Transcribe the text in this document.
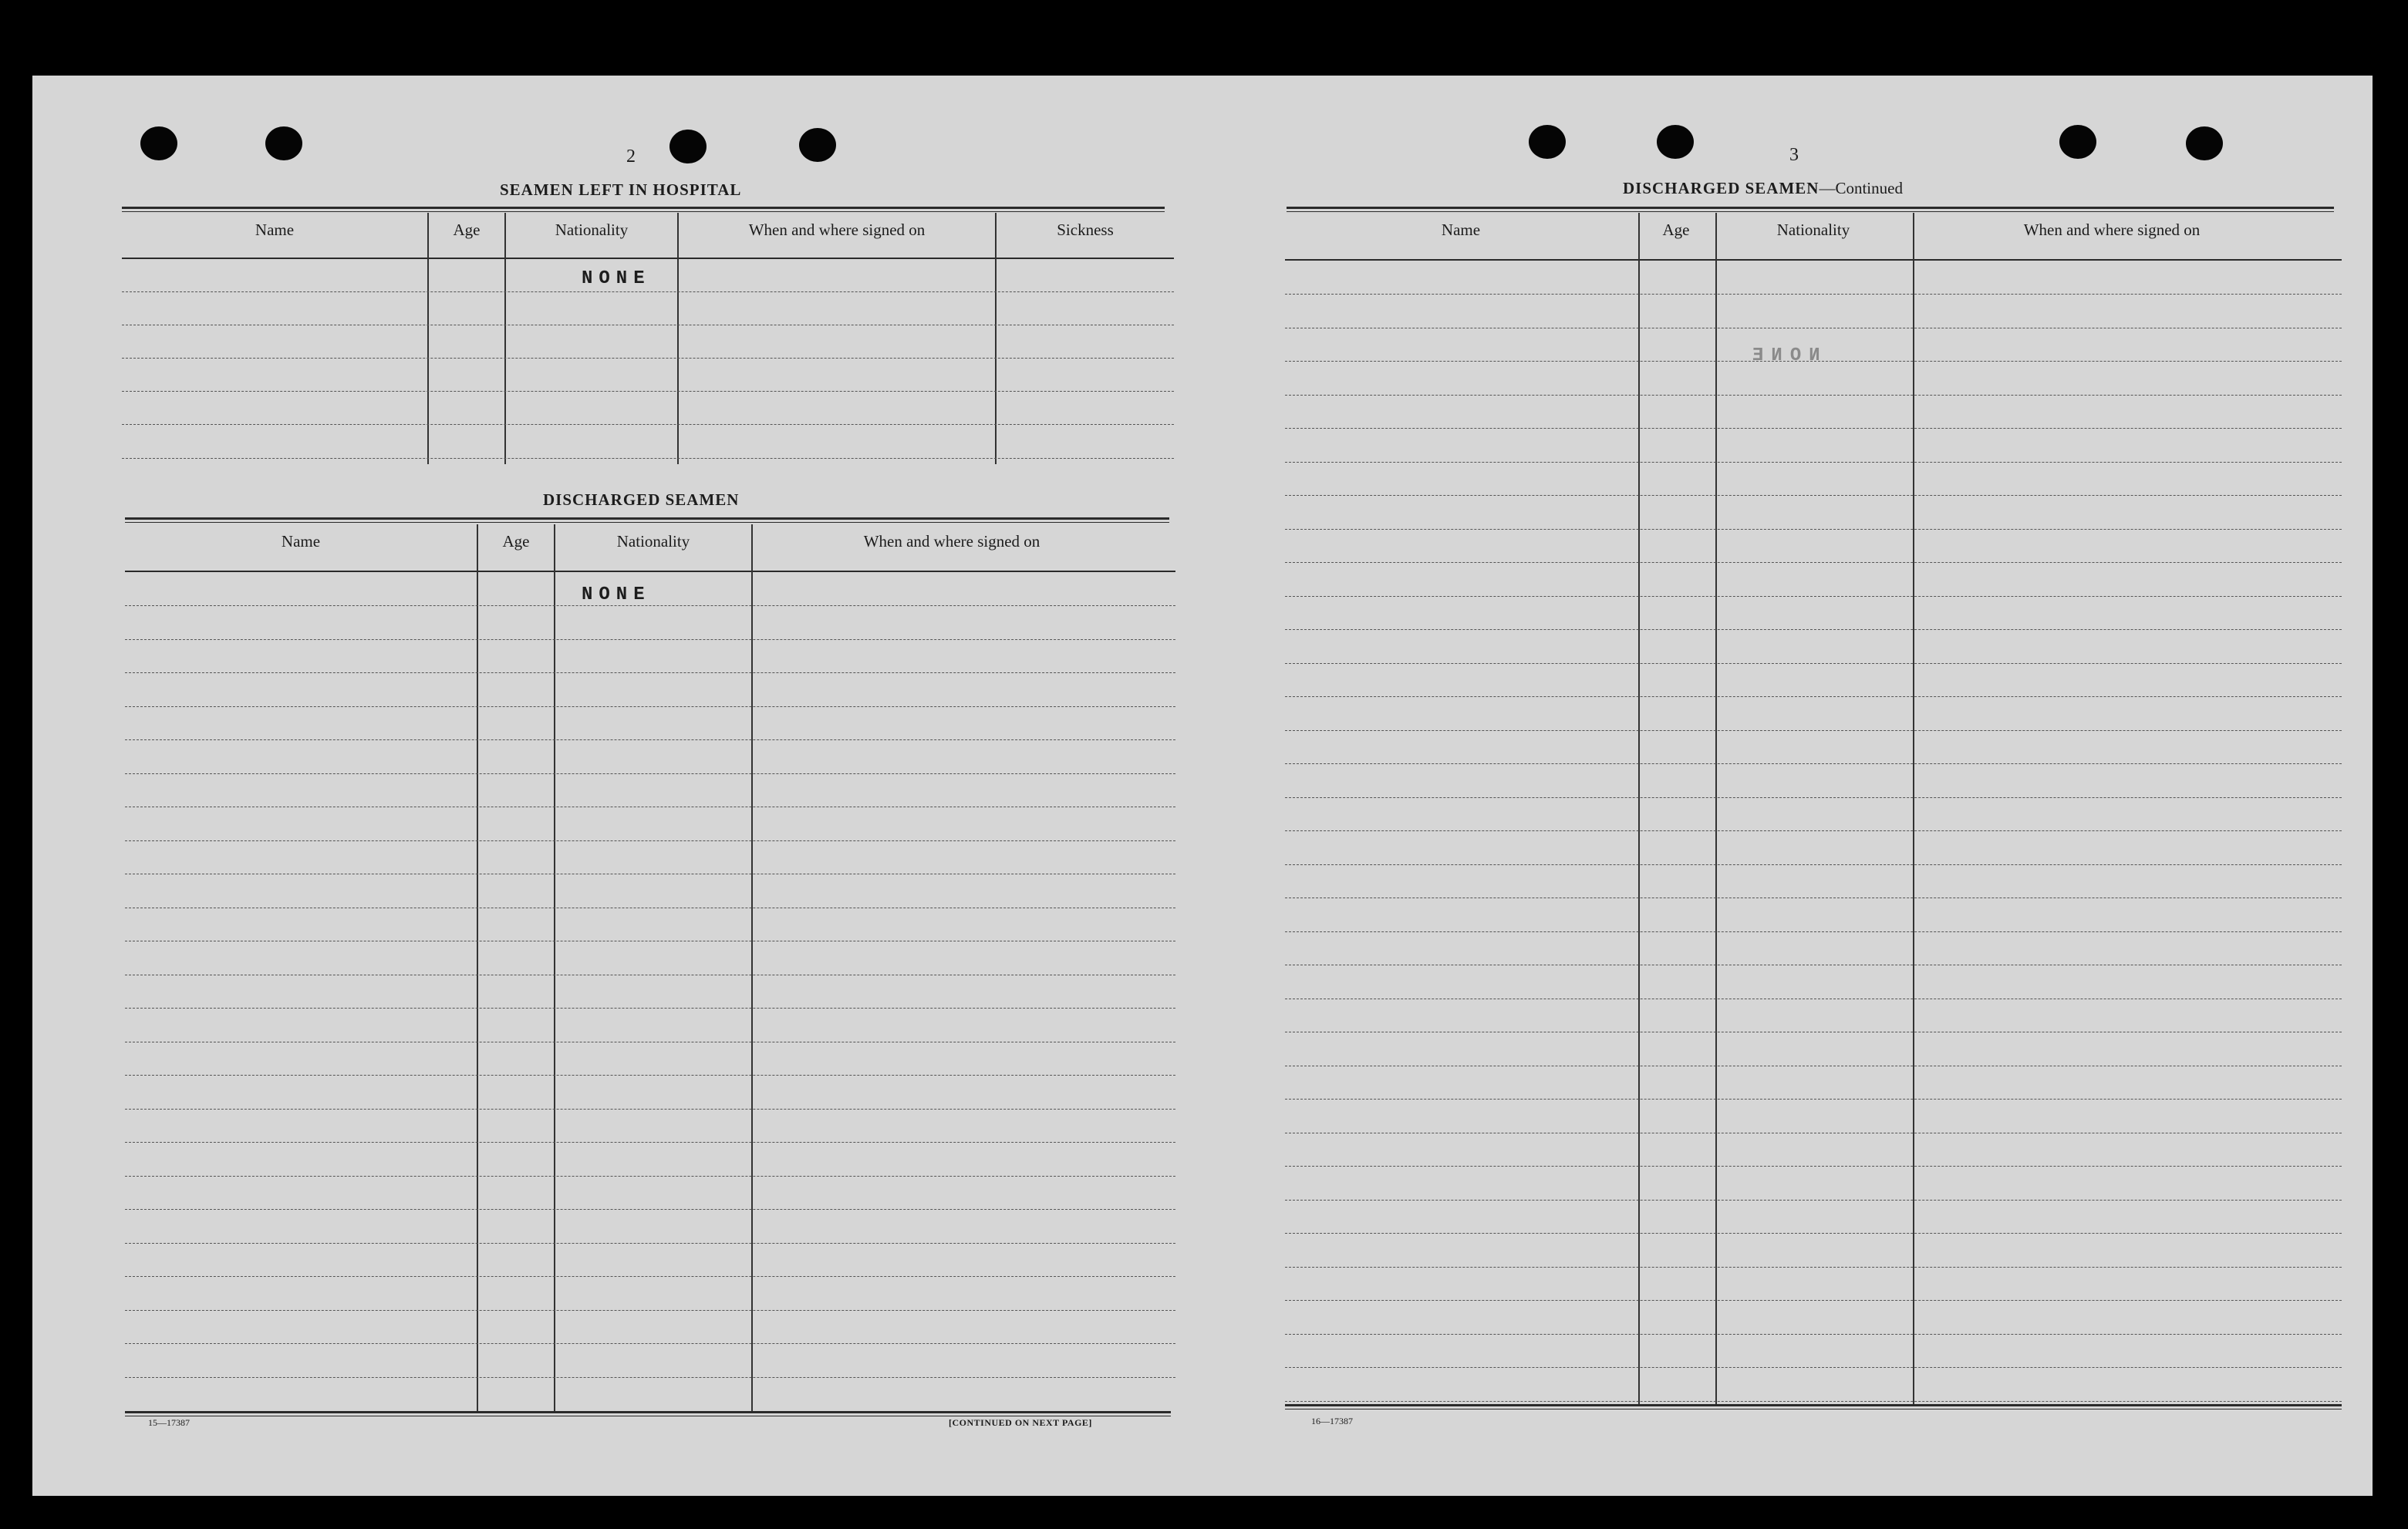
2
SEAMEN LEFT IN HOSPITAL
Name	Age	Nationality	When and where signed on	Sickness
NONE
DISCHARGED SEAMEN
Name	Age	Nationality	When and where signed on
NONE
15—17387	[CONTINUED ON NEXT PAGE]
3
DISCHARGED SEAMEN—Continued
Name	Age	Nationality	When and where signed on
NONE
16—17387
